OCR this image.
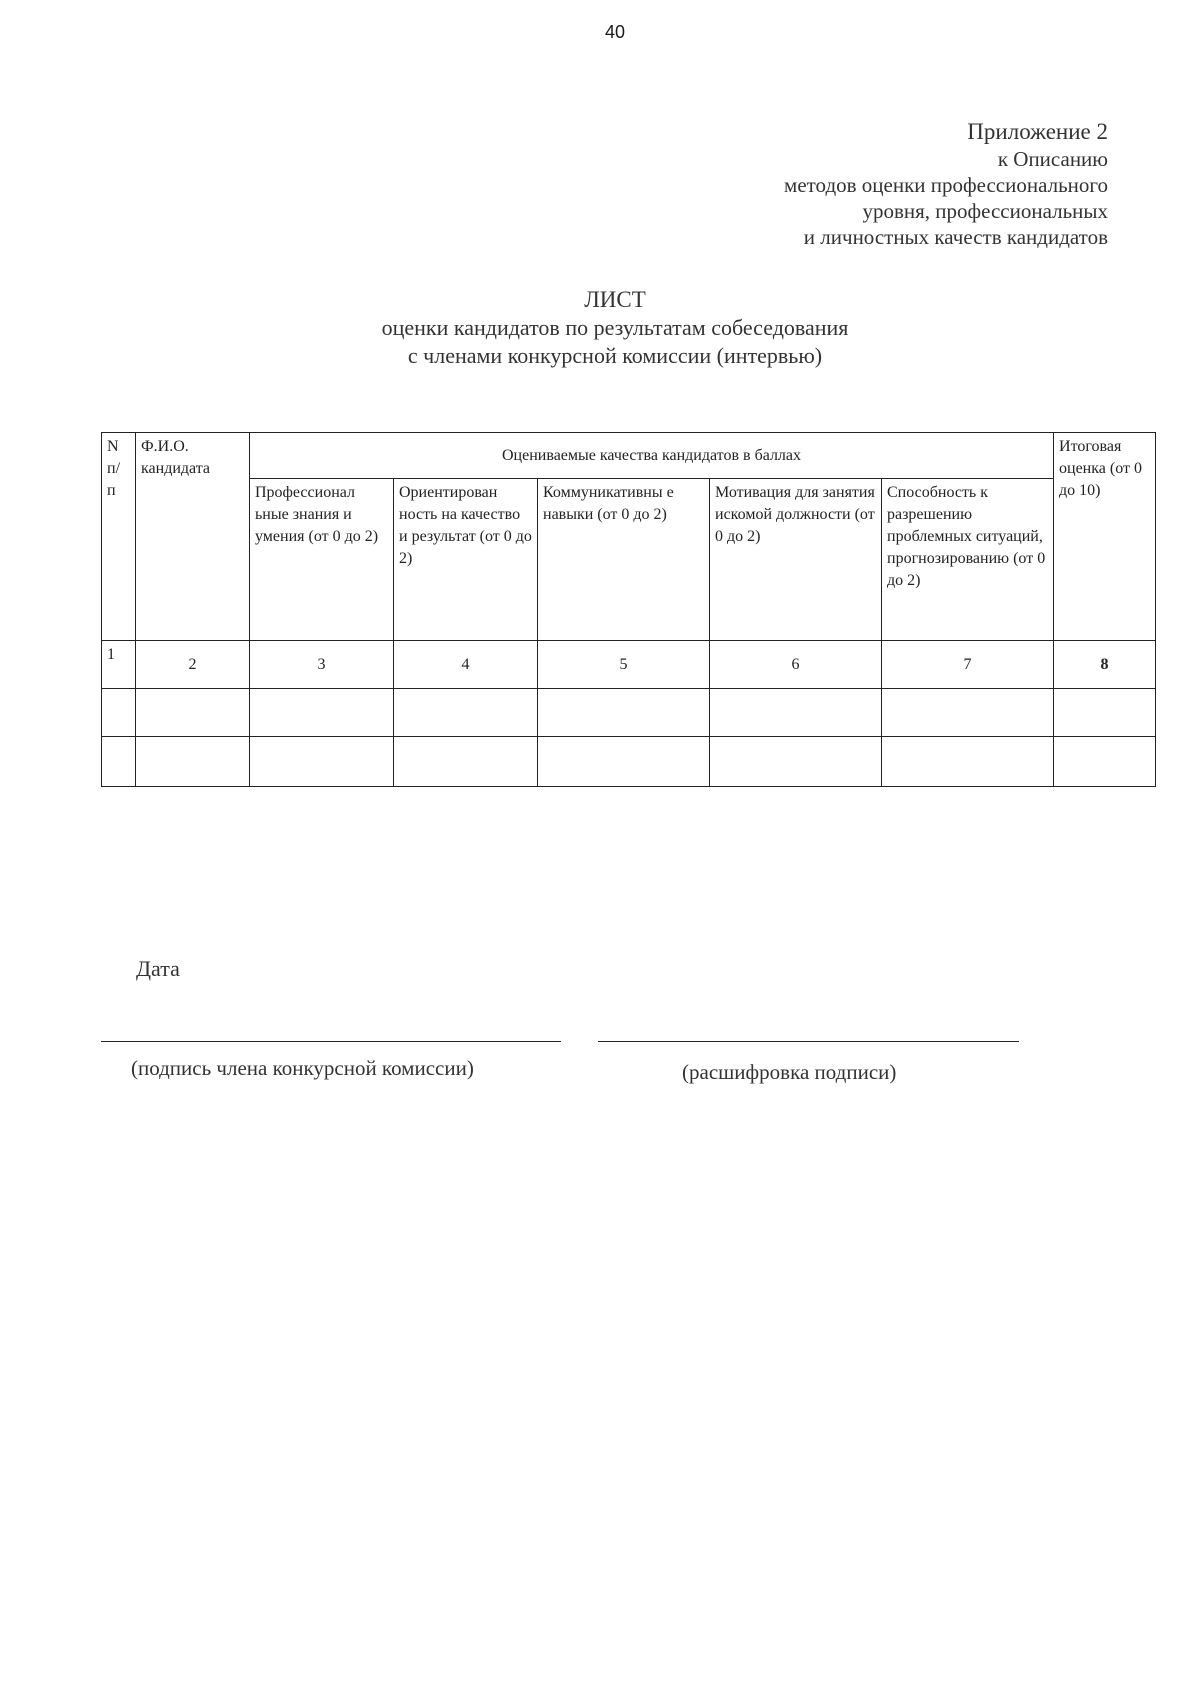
40
Приложение 2
к Описанию
методов оценки профессионального
уровня, профессиональных
и личностных качеств кандидатов
ЛИСТ
оценки кандидатов по результатам собеседования
с членами конкурсной комиссии (интервью)
N п/ п	Ф.И.О. кандидата	Оцениваемые качества кандидатов в баллах					Итоговая оценка (от 0 до 10)
		Профессионал ьные знания и умения (от 0 до 2)	Ориентирован ность на качество и результат (от 0 до 2)	Коммуникативны е навыки (от 0 до 2)	Мотивация для занятия искомой должности (от 0 до 2)	Способность к разрешению проблемных ситуаций, прогнозированию (от 0 до 2)	
1	2	3	4	5	6	7	8

Дата
(подпись члена конкурсной комиссии)	(расшифровка подписи)
